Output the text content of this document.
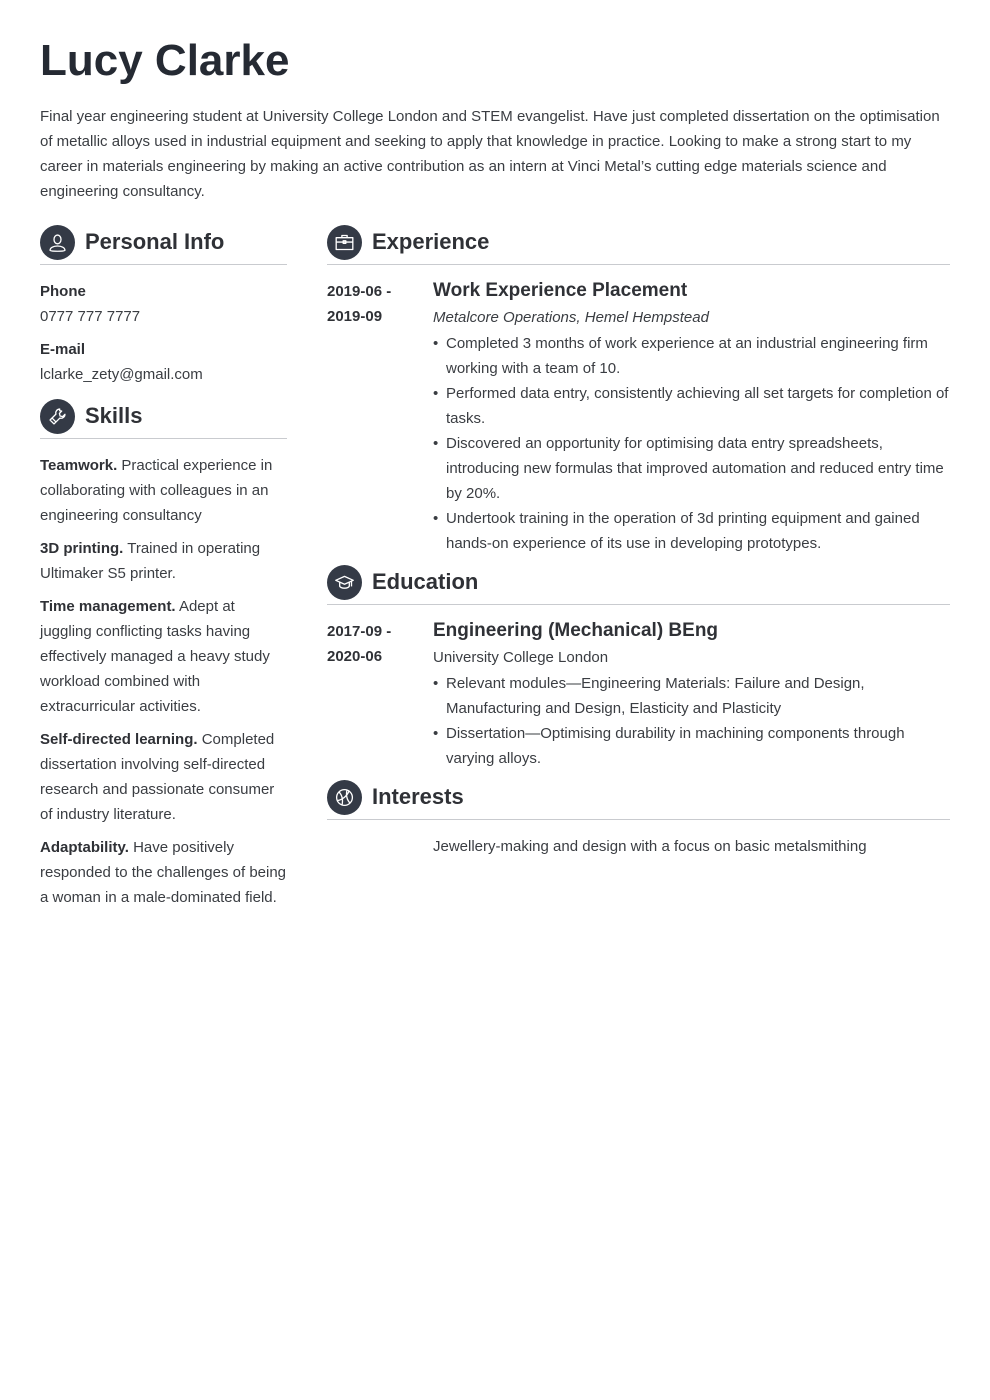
Lucy Clarke
Final year engineering student at University College London and STEM evangelist. Have just completed dissertation on the optimisation of metallic alloys used in industrial equipment and seeking to apply that knowledge in practice. Looking to make a strong start to my career in materials engineering by making an active contribution as an intern at Vinci Metal’s cutting edge materials science and engineering consultancy.
Personal Info
Phone
0777 777 7777
E-mail
lclarke_zety@gmail.com
Skills
Teamwork. Practical experience in collaborating with colleagues in an engineering consultancy
3D printing. Trained in operating Ultimaker S5 printer.
Time management. Adept at juggling conflicting tasks having effectively managed a heavy study workload combined with extracurricular activities.
Self-directed learning. Completed dissertation involving self-directed research and passionate consumer of industry literature.
Adaptability. Have positively responded to the challenges of being a woman in a male-dominated field.
Experience
2019-06 -
2019-09
Work Experience Placement
Metalcore Operations, Hemel Hempstead
• Completed 3 months of work experience at an industrial engineering firm working with a team of 10.
• Performed data entry, consistently achieving all set targets for completion of tasks.
• Discovered an opportunity for optimising data entry spreadsheets, introducing new formulas that improved automation and reduced entry time by 20%.
• Undertook training in the operation of 3d printing equipment and gained hands-on experience of its use in developing prototypes.
Education
2017-09 -
2020-06
Engineering (Mechanical) BEng
University College London
• Relevant modules—Engineering Materials: Failure and Design, Manufacturing and Design, Elasticity and Plasticity
• Dissertation—Optimising durability in machining components through varying alloys.
Interests
Jewellery-making and design with a focus on basic metalsmithing
